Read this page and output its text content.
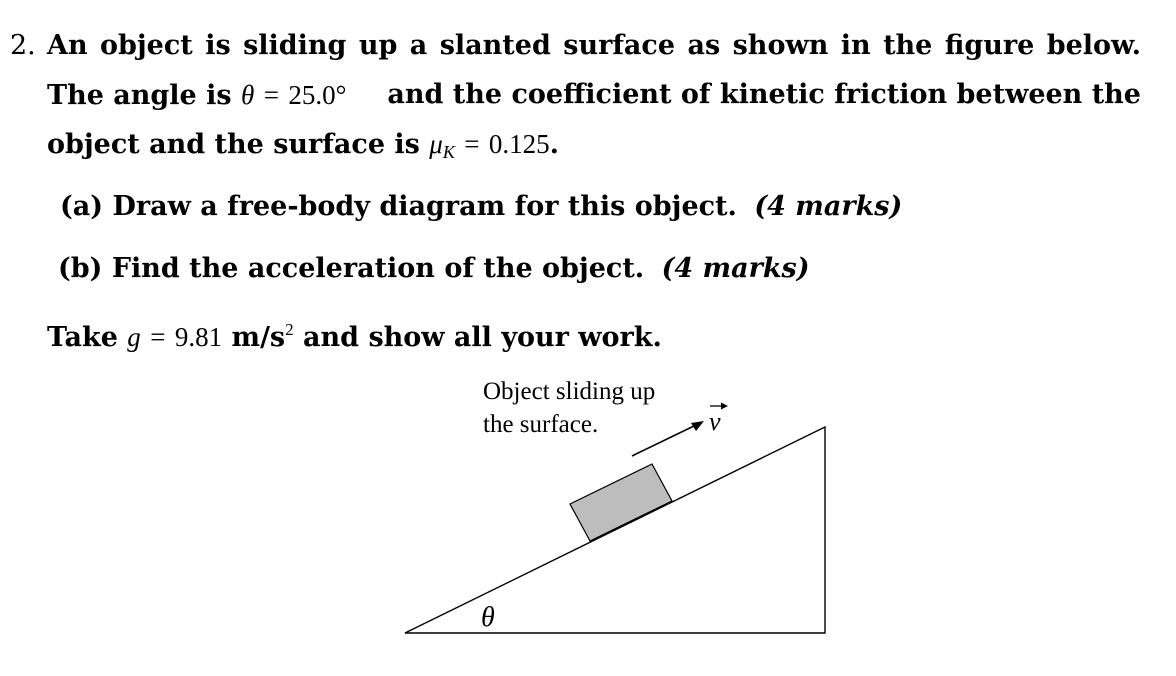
2. An object is sliding up a slanted surface as shown in the figure below.
The angle is θ = 25.0° and the coefficient of kinetic friction between the
object and the surface is $\mu_K = 0.125$.
(a) Draw a free-body diagram for this object. (4 marks)
(b) Find the acceleration of the object. (4 marks)
Take g = 9.81 $m/s^2$ and show all your work.
v
θ
Object sliding up
the surface.
